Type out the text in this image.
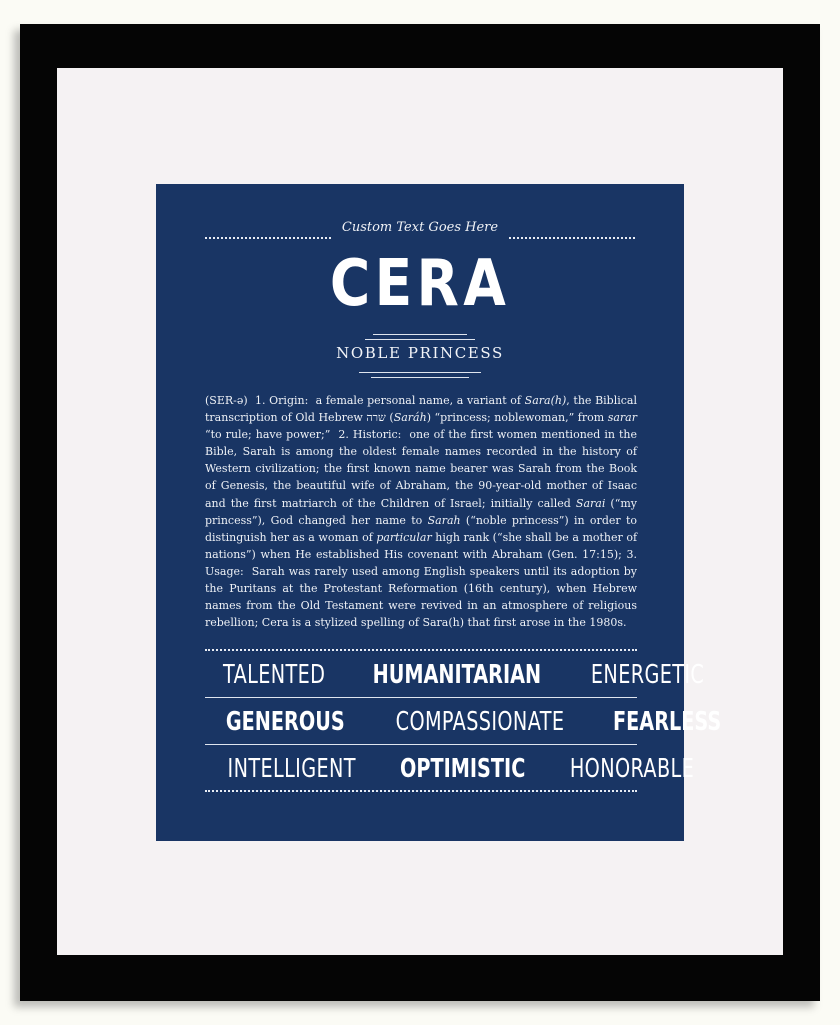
Custom Text Goes Here
CERA
NOBLE PRINCESS
(SER-ə)  1. Origin:  a female personal name, a variant of Sara(h), the Biblical transcription of Old Hebrew שרה (Saráh) “princess; noblewoman,” from sarar “to rule; have power;”  2. Historic:  one of the first women mentioned in the Bible, Sarah is among the oldest female names recorded in the history of Western civilization; the first known name bearer was Sarah from the Book of Genesis, the beautiful wife of Abraham, the 90-year-old mother of Isaac and the first matriarch of the Children of Israel; initially called Sarai (“my princess”), God changed her name to Sarah (“noble princess”) in order to distinguish her as a woman of particular high rank (“she shall be a mother of nations”) when He established His covenant with Abraham (Gen. 17:15); 3. Usage:  Sarah was rarely used among English speakers until its adoption by the Puritans at the Protestant Reformation (16th century), when Hebrew names from the Old Testament were revived in an atmosphere of religious rebellion; Cera is a stylized spelling of Sara(h) that first arose in the 1980s.
TALENTED HUMANITARIAN ENERGETIC
GENEROUS COMPASSIONATE FEARLESS
INTELLIGENT OPTIMISTIC HONORABLE
